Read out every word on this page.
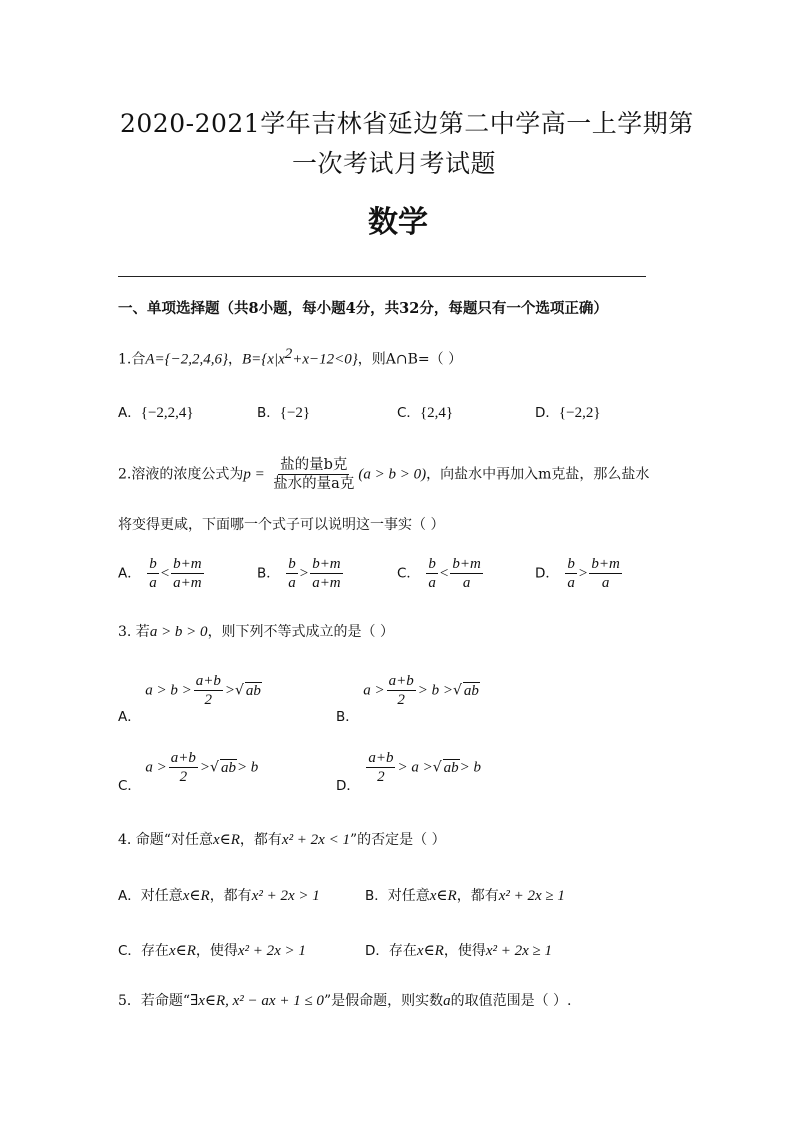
2020-2021学年吉林省延边第二中学高一上学期第
一次考试月考试题
数学
一、单项选择题（共8小题，每小题4分，共32分，每题只有一个选项正确）
1.合A={−2,2,4,6}，$B=\{x|x^2+x-12<0\}$，则A∩B=（ ）
A．{−2,2,4}	B．{−2}	C．{2,4}	D．{−2,2}
2.溶液的浓度公式为$p = \frac{\text{盐的量b克}}{\text{盐水的量a克}} (a > b > 0)$，向盐水中再加入m克盐，那么盐水
将变得更咸，下面哪一个式子可以说明这一事实（ ）
A． $\frac{b}{a} < \frac{b+m}{a+m}$	B． $\frac{b}{a} > \frac{b+m}{a+m}$	C． $\frac{b}{a} < \frac{b+m}{a}$	D． $\frac{b}{a} > \frac{b+m}{a}$
3. 若a > b > 0，则下列不等式成立的是（ ）
A． $a > b > \frac{a+b}{2}$ >√ ab
B． $a > \frac{a+b}{2} > b$ >√ ab
C． $a > \frac{a+b}{2}$ >√ ab> b
D． $\frac{a+b}{2} > a$ >√ ab> b
4. 命题“对任意x∈R，都有x² + 2x < 1”的否定是（ ）
A．对任意x∈R，都有x² + 2x > 1	B．对任意x∈R，都有x² + 2x ≥ 1
C．存在x∈R，使得x² + 2x > 1	D．存在x∈R，使得x² + 2x ≥ 1
5．若命题“∃x∈R, x² − ax + 1 ≤ 0”是假命题，则实数a的取值范围是（ ）.
